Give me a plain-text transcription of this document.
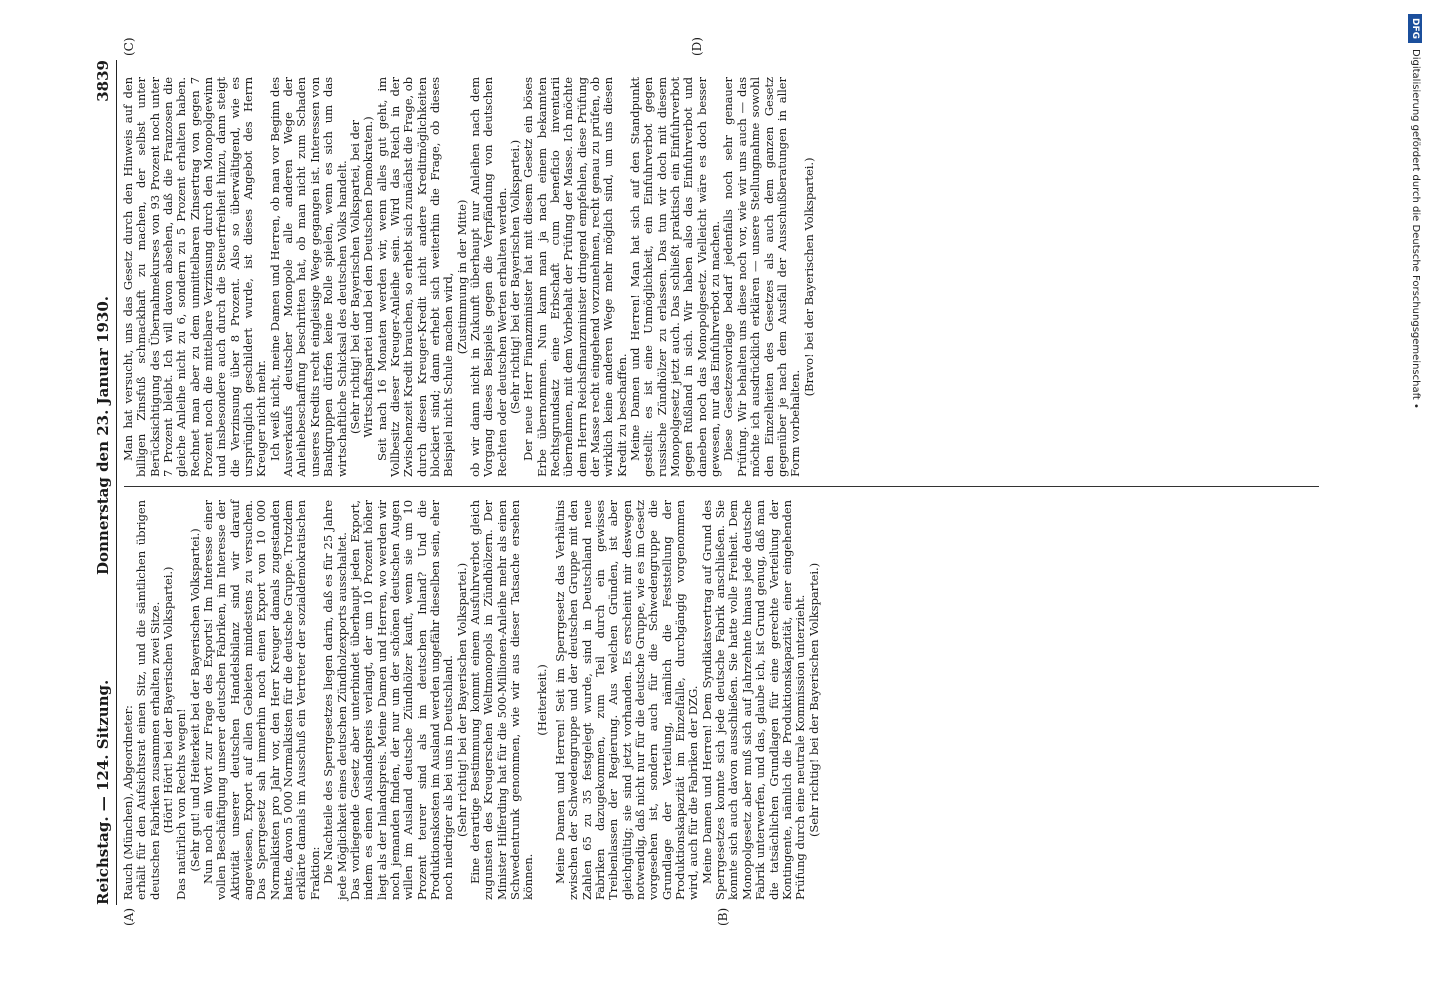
Reichstag. — 124. Sitzung.
Donnerstag den 23. Januar 1930.
3839
(A)	(B)
(C)	(D)

Rauch (München), Abgeordneter: erhält für den Aufsichtsrat einen Sitz, und die sämtlichen übrigen deutschen Fabriken zusammen erhalten zwei Sitze. (Hört! Hört! bei der Bayerischen Volkspartei.) Das natürlich von Rechts wegen! (Sehr gut! und Heiterkeit bei der Bayerischen Volkspartei.) Nun noch ein Wort zur Frage des Exports! Im Interesse einer vollen Beschäftigung unserer deutschen Fabriken, im Interesse der Aktivität unserer deutschen Handelsbilanz sind wir darauf angewiesen, Export auf allen Gebieten mindestens zu versuchen. Das Sperrgesetz sah immerhin noch einen Export von 10 000 Normalkisten pro Jahr vor, den Herr Kreuger damals zugestanden hatte, davon 5 000 Normalkisten für die deutsche Gruppe. Trotzdem erklärte damals im Ausschuß ein Vertreter der sozialdemokratischen Fraktion: Die Nachteile des Sperrgesetzes liegen darin, daß es für 25 Jahre jede Möglichkeit eines deutschen Zündholzexports ausschaltet. Das vorliegende Gesetz aber unterbindet überhaupt jeden Export, indem es einen Auslandspreis verlangt, der um 10 Prozent höher liegt als der Inlandspreis. Meine Damen und Herren, wo werden wir noch jemanden finden, der nur um der schönen deutschen Augen willen im Ausland deutsche Zündhölzer kauft, wenn sie um 10 Prozent teurer sind als im deutschen Inland? Und die Produktionskosten im Ausland werden ungefähr dieselben sein, eher noch niedriger als bei uns in Deutschland. (Sehr richtig! bei der Bayerischen Volkspartei.) Eine derartige Bestimmung kommt einem Ausfuhrverbot gleich zugunsten des Kreugerschen Weltmonopols in Zündhölzern. Der Minister Hilferding hat für die 500-Millionen-Anleihe mehr als einen Schwedentrunk genommen, wie wir aus dieser Tatsache ersehen können.

(Heiterkeit.) Meine Damen und Herren! Seit im Sperrgesetz das Verhältnis zwischen der Schwedengruppe und der deutschen Gruppe mit den Zahlen 65 zu 35 festgelegt wurde, sind in Deutschland neue Fabriken dazugekommen, zum Teil durch ein gewisses Treibenlassen der Regierung. Aus welchen Gründen, ist aber gleichgültig; sie sind jetzt vorhanden. Es erscheint mir deswegen notwendig, daß nicht nur für die deutsche Gruppe, wie es im Gesetz vorgesehen ist, sondern auch für die Schwedengruppe die Grundlage der Verteilung, nämlich die Feststellung der Produktionskapazität im Einzelfalle, durchgängig vorgenommen wird, auch für die Fabriken der DZG. Meine Damen und Herren! Dem Syndikatsvertrag auf Grund des Sperrgesetzes konnte sich jede deutsche Fabrik anschließen. Sie konnte sich auch davon ausschließen. Sie hatte volle Freiheit. Dem Monopolgesetz aber muß sich auf Jahrzehnte hinaus jede deutsche Fabrik unterwerfen, und das, glaube ich, ist Grund genug, daß man die tatsächlichen Grundlagen für eine gerechte Verteilung der Kontingente, nämlich die Produktionskapazität, einer eingehenden Prüfung durch eine neutrale Kommission unterzieht. (Sehr richtig! bei der Bayerischen Volkspartei.)

Man hat versucht, uns das Gesetz durch den Hinweis auf den billigen Zinsfuß schmackhaft zu machen, der selbst unter Berücksichtigung des Übernahmekurses von 93 Prozent noch unter 7 Prozent bleibt. Ich will davon absehen, daß die Franzosen die gleiche Anleihe nicht zu 6, sondern zu 5 Prozent erhalten haben. Rechnet man aber zu dem unmittelbaren Zinsertrag von gegen 7 Prozent noch die mittelbare Verzinsung durch den Monopolgewinn und insbesondere auch durch die Steuerfreiheit hinzu, dann steigt die Verzinsung über 8 Prozent. Also so überwältigend, wie es ursprünglich geschildert wurde, ist dieses Angebot des Herrn Kreuger nicht mehr. Ich weiß nicht, meine Damen und Herren, ob man vor Beginn des Ausverkaufs deutscher Monopole alle anderen Wege der Anleihebeschaffung beschritten hat, ob man nicht zum Schaden unseres Kredits recht eingleisige Wege gegangen ist. Interessen von Bankgruppen dürfen keine Rolle spielen, wenn es sich um das wirtschaftliche Schicksal des deutschen Volks handelt. (Sehr richtig! bei der Bayerischen Volkspartei, bei der Wirtschaftspartei und bei den Deutschen Demokraten.) Seit nach 16 Monaten werden wir, wenn alles gut geht, im Vollbesitz dieser Kreuger-Anleihe sein. Wird das Reich in der Zwischenzeit Kredit brauchen, so erhebt sich zunächst die Frage, ob durch diesen Kreuger-Kredit nicht andere Kreditmöglichkeiten blockiert sind; dann erhebt sich weiterhin die Frage, ob dieses Beispiel nicht Schule machen wird, (Zustimmung in der Mitte) ob wir dann nicht in Zukunft überhaupt nur Anleihen nach dem Vorgang dieses Beispiels gegen die Verpfändung von deutschen Rechten oder deutschen Werten erhalten werden. (Sehr richtig! bei der Bayerischen Volkspartei.) Der neue Herr Finanzminister hat mit diesem Gesetz ein böses Erbe übernommen. Nun kann man ja nach einem bekannten Rechtsgrundsatz eine Erbschaft cum beneficio inventarii übernehmen, mit dem Vorbehalt der Prüfung der Masse. Ich möchte dem Herrn Reichsfinanzminister dringend empfehlen, diese Prüfung der Masse recht eingehend vorzunehmen, recht genau zu prüfen, ob wirklich keine anderen Wege mehr möglich sind, um uns diesen Kredit zu beschaffen. Meine Damen und Herren! Man hat sich auf den Standpunkt gestellt: es ist eine Unmöglichkeit, ein Einfuhrverbot gegen russische Zündhölzer zu erlassen. Das tun wir doch mit diesem Monopolgesetz jetzt auch. Das schließt praktisch ein Einfuhrverbot gegen Rußland in sich. Wir haben also das Einfuhrverbot und daneben noch das Monopolgesetz. Vielleicht wäre es doch besser gewesen, nur das Einfuhrverbot zu machen. Diese Gesetzesvorlage bedarf jedenfalls noch sehr genauer Prüfung. Wir behalten uns diese noch vor, wie wir uns auch — das möchte ich ausdrücklich erklären — unsere Stellungnahme sowohl den Einzelheiten des Gesetzes als auch dem ganzen Gesetz gegenüber je nach dem Ausfall der Ausschußberatungen in aller Form vorbehalten.

(Bravo! bei der Bayerischen Volkspartei.)

DFGDigitalisierung gefördert durch die Deutsche Forschungsgemeinschaft •
